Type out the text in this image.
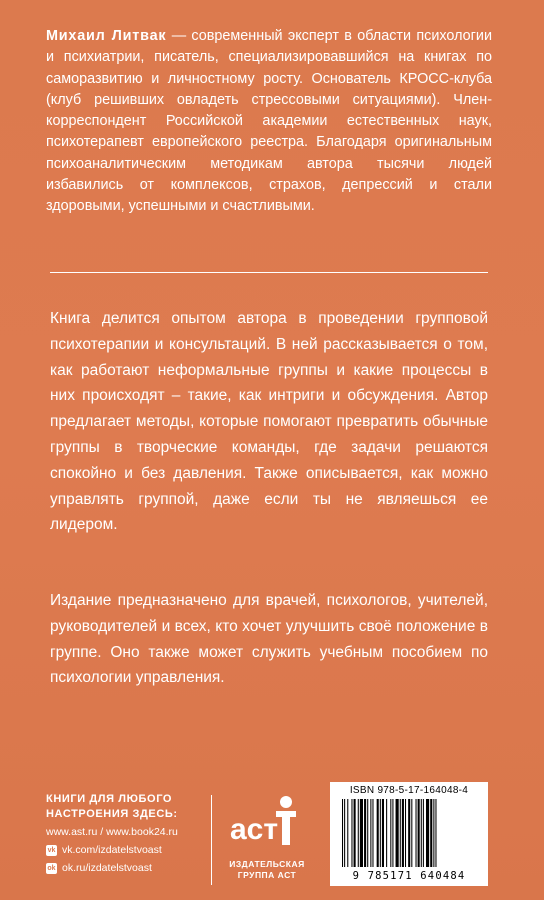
Михаил Литвак — современный эксперт в области психологии и психиатрии, писатель, специализировавшийся на книгах по саморазвитию и личностному росту. Основатель КРОСС-клуба (клуб решивших овладеть стрессовыми ситуациями). Член-корреспондент Российской академии естественных наук, психотерапевт европейского реестра. Благодаря оригинальным психоаналитическим методикам автора тысячи людей избавились от комплексов, страхов, депрессий и стали здоровыми, успешными и счастливыми.
Книга делится опытом автора в проведении групповой психотерапии и консультаций. В ней рассказывается о том, как работают неформальные группы и какие процессы в них происходят – такие, как интриги и обсуждения. Автор предлагает методы, которые помогают превратить обычные группы в творческие команды, где задачи решаются спокойно и без давления. Также описывается, как можно управлять группой, даже если ты не являешься ее лидером.
Издание предназначено для врачей, психологов, учителей, руководителей и всех, кто хочет улучшить своё положение в группе. Оно также может служить учебным пособием по психологии управления.
КНИГИ ДЛЯ ЛЮБОГО
НАСТРОЕНИЯ ЗДЕСЬ:
www.ast.ru / www.book24.ru
vk vk.com/izdatelstvoast
ok ok.ru/izdatelstvoast
аст
ИЗДАТЕЛЬСКАЯ
ГРУППА АСТ
ISBN 978-5-17-164048-4
9 785171 640484
